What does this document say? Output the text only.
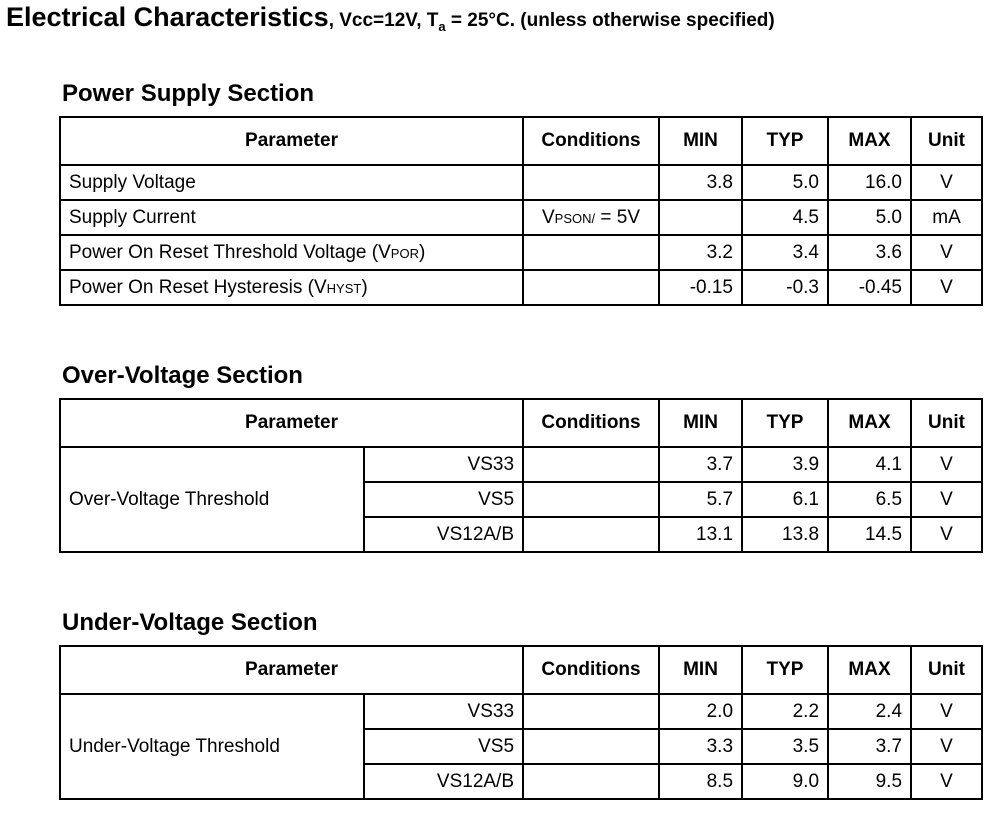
Electrical Characteristics, Vcc=12V, $T_a = 25^\circ C$. (unless otherwise specified)
Power Supply Section
Parameter	Conditions	MIN	TYP	MAX	Unit
Supply Voltage		3.8	5.0	16.0	V
Supply Current	VPSON/ = 5V		4.5	5.0	mA
Power On Reset Threshold Voltage (VPOR)		3.2	3.4	3.6	V
Power On Reset Hysteresis (VHYST)		-0.15	-0.3	-0.45	V
Over-Voltage Section
Parameter		Conditions	MIN	TYP	MAX	Unit
Over-Voltage Threshold	VS33		3.7	3.9	4.1	V
	VS5		5.7	6.1	6.5	V
	VS12A/B		13.1	13.8	14.5	V
Under-Voltage Section
Parameter		Conditions	MIN	TYP	MAX	Unit
Under-Voltage Threshold	VS33		2.0	2.2	2.4	V
	VS5		3.3	3.5	3.7	V
	VS12A/B		8.5	9.0	9.5	V
